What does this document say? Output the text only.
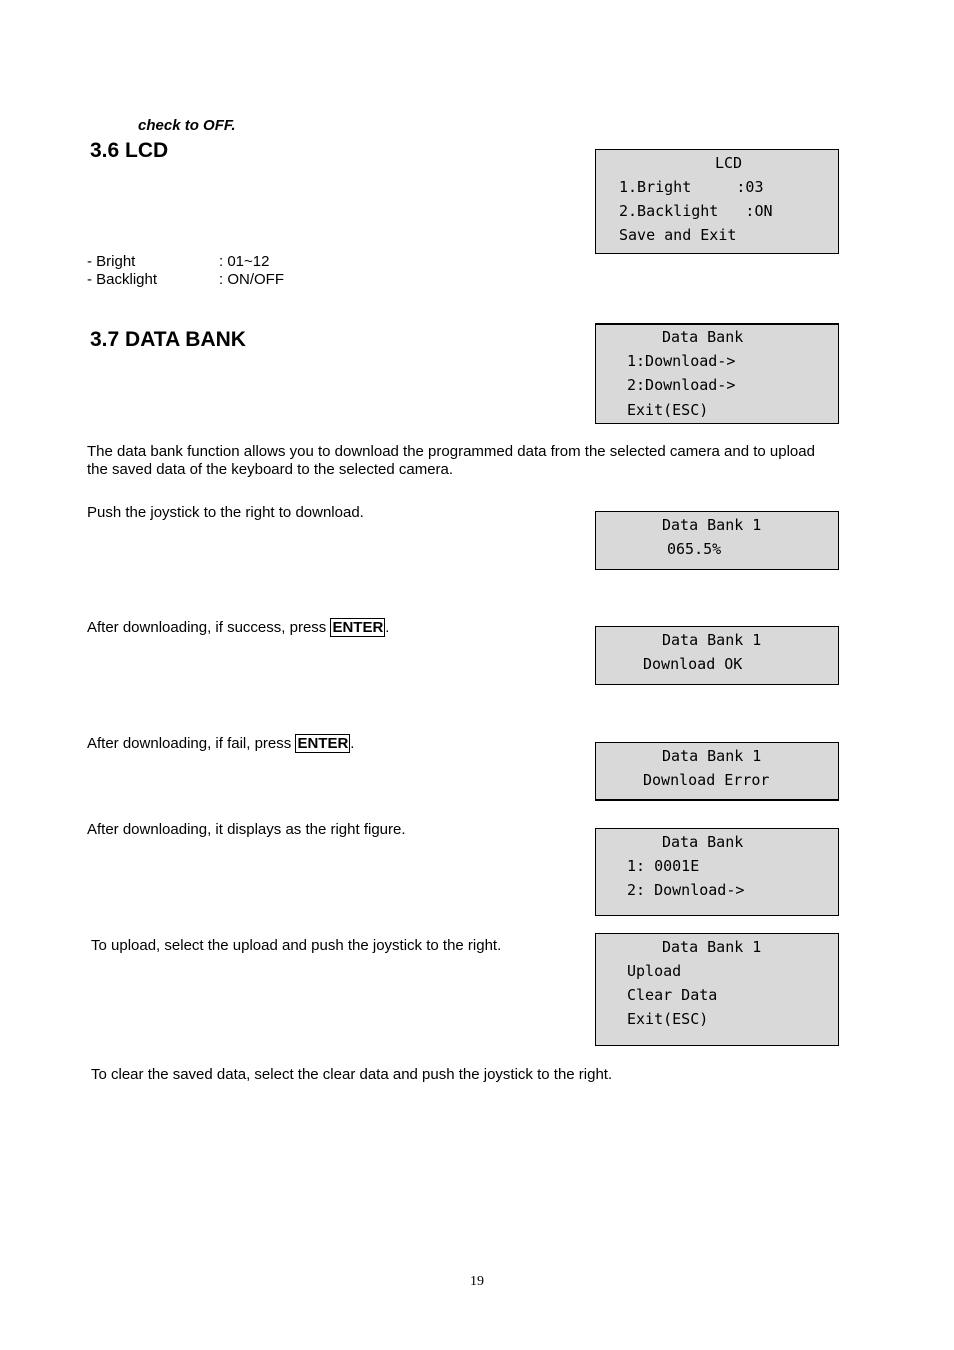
check to OFF.
3.6 LCD
LCD
1.Bright     :03
2.Backlight   :ON
Save and Exit
- Bright	: 01~12
- Backlight	: ON/OFF
3.7 DATA BANK	Data Bank
1:Download->
2:Download->
Exit(ESC)
The data bank function allows you to download the programmed data from the selected camera and to upload the saved data of the keyboard to the selected camera.
Push the joystick to the right to download.
Data Bank 1
065.5%
After downloading, if success, press ENTER .
Data Bank 1
Download OK
After downloading, if fail, press ENTER .
Data Bank 1
Download Error
After downloading, it displays as the right figure.
Data Bank
1: 0001E
2: Download->
To upload, select the upload and push the joystick to the right.	Data Bank 1
Upload
Clear Data
Exit(ESC)
To clear the saved data, select the clear data and push the joystick to the right.
19
